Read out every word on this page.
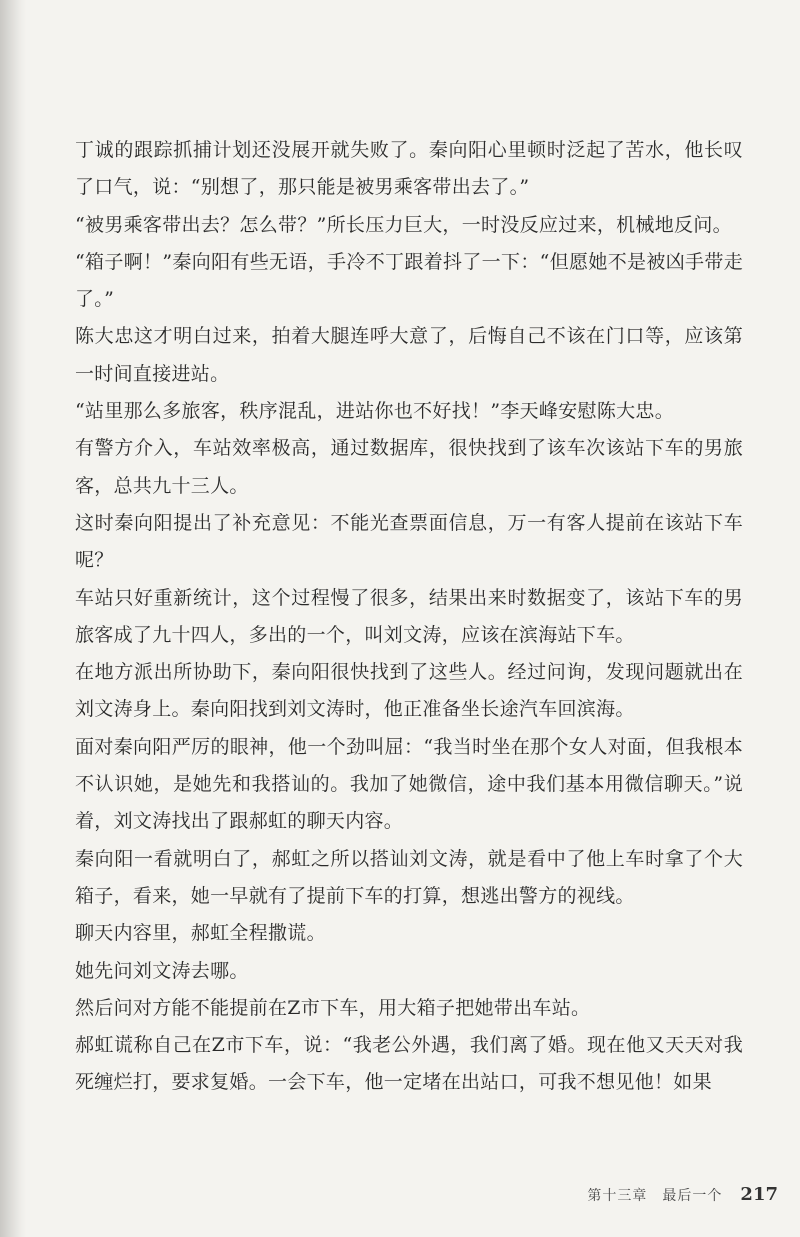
丁诚的跟踪抓捕计划还没展开就失败了。秦向阳心里顿时泛起了苦水，他长叹了口气，说：“别想了，那只能是被男乘客带出去了。”

“被男乘客带出去？怎么带？”所长压力巨大，一时没反应过来，机械地反问。

“箱子啊！”秦向阳有些无语，手冷不丁跟着抖了一下：“但愿她不是被凶手带走了。”

陈大忠这才明白过来，拍着大腿连呼大意了，后悔自己不该在门口等，应该第一时间直接进站。

“站里那么多旅客，秩序混乱，进站你也不好找！”李天峰安慰陈大忠。

有警方介入，车站效率极高，通过数据库，很快找到了该车次该站下车的男旅客，总共九十三人。

这时秦向阳提出了补充意见：不能光查票面信息，万一有客人提前在该站下车呢？

车站只好重新统计，这个过程慢了很多，结果出来时数据变了，该站下车的男旅客成了九十四人，多出的一个，叫刘文涛，应该在滨海站下车。

在地方派出所协助下，秦向阳很快找到了这些人。经过问询，发现问题就出在刘文涛身上。秦向阳找到刘文涛时，他正准备坐长途汽车回滨海。

面对秦向阳严厉的眼神，他一个劲叫屈：“我当时坐在那个女人对面，但我根本不认识她，是她先和我搭讪的。我加了她微信，途中我们基本用微信聊天。”说着，刘文涛找出了跟郝虹的聊天内容。

秦向阳一看就明白了，郝虹之所以搭讪刘文涛，就是看中了他上车时拿了个大箱子，看来，她一早就有了提前下车的打算，想逃出警方的视线。

聊天内容里，郝虹全程撒谎。

她先问刘文涛去哪。

然后问对方能不能提前在Z市下车，用大箱子把她带出车站。

郝虹谎称自己在Z市下车，说：“我老公外遇，我们离了婚。现在他又天天对我死缠烂打，要求复婚。一会下车，他一定堵在出站口，可我不想见他！如果

第十三章　最后一个 217
